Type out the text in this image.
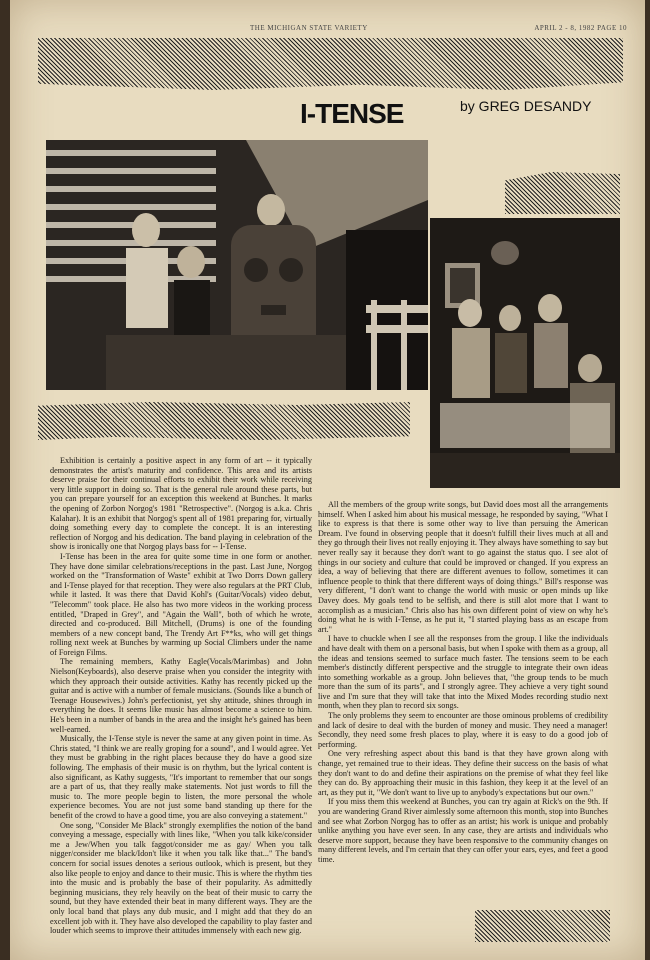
THE MICHIGAN STATE VARIETY	APRIL 2 - 8, 1982 PAGE 10
I-TENSE	by GREG DESANDY

Exhibition is certainly a positive aspect in any form of art -- it typically demonstrates the artist's maturity and confidence. This area and its artists deserve praise for their continual efforts to exhibit their work while receiving very little support in doing so. That is the general rule around these parts, but you can prepare yourself for an exception this weekend at Bunches. It marks the opening of Zorbon Norgog's 1981 "Retrospective". (Norgog is a.k.a. Chris Kalahar). It is an exhibit that Norgog's spent all of 1981 preparing for, virtually doing something every day to complete the concept. It is an interesting reflection of Norgog and his dedication. The band playing in celebration of the show is ironically one that Norgog plays bass for -- I-Tense.

I-Tense has been in the area for quite some time in one form or another. They have done similar celebrations/receptions in the past. Last June, Norgog worked on the "Transformation of Waste" exhibit at Two Dorrs Down gallery and I-Tense played for that reception. They were also regulars at the PRT Club, while it lasted. It was there that David Kohl's (Guitar/Vocals) video debut, "Telecomm" took place. He also has two more videos in the working process entitled, "Draped in Grey", and "Again the Wall", both of which he wrote, directed and co-produced. Bill Mitchell, (Drums) is one of the founding members of a new concept band, The Trendy Art F**ks, who will get things rolling next week at Bunches by warming up Social Climbers under the name of Foreign Films.

The remaining members, Kathy Eagle(Vocals/Marimbas) and John Nielson(Keyboards), also deserve praise when you consider the integrity with which they approach their outside activities. Kathy has recently picked up the guitar and is active with a number of female musicians. (Sounds like a bunch of Teenage Housewives.) John's perfectionist, yet shy attitude, shines through in everything he does. It seems like music has almost become a science to him. He's been in a number of bands in the area and the insight he's gained has been well-earned.

Musically, the I-Tense style is never the same at any given point in time. As Chris stated, "I think we are really groping for a sound", and I would agree. Yet they must be grabbing in the right places because they do have a good size following. The emphasis of their music is on rhythm, but the lyrical content is also significant, as Kathy suggests, "It's important to remember that our songs are a part of us, that they really make statements. Not just words to fill the music to. The more people begin to listen, the more personal the whole experience becomes. You are not just some band standing up there for the benefit of the crowd to have a good time, you are also conveying a statement."

One song, "Consider Me Black" strongly exemplifies the notion of the band conveying a message, especially with lines like, "When you talk kike/consider me a Jew/When you talk faggot/consider me as gay/ When you talk nigger/consider me black/Idon't like it when you talk like that..." The band's concern for social issues denotes a serious outlook, which is present, but they also like people to enjoy and dance to their music. This is where the rhythm ties into the music and is probably the base of their popularity. As admittedly beginning musicians, they rely heavily on the beat of their music to carry the sound, but they have extended their beat in many different ways. They are the only local band that plays any dub music, and I might add that they do an excellent job with it. They have also developed the capability to play faster and louder which seems to improve their attitudes immensely with each new gig.

All the members of the group write songs, but David does most all the arrangements himself. When I asked him about his musical message, he responded by saying, "What I like to express is that there is some other way to live than persuing the American Dream. I've found in observing people that it doesn't fulfill their lives much at all and they go through their lives not really enjoying it. They always have something to say but never really say it because they don't want to go against the status quo. I see alot of things in our society and culture that could be improved or changed. If you express an idea, a way of believing that there are different avenues to follow, sometimes it can influence people to think that there different ways of doing things." Bill's response was very different, "I don't want to change the world with music or open minds up like Davey does. My goals tend to be selfish, and there is still alot more that I want to accomplish as a musician." Chris also has his own different point of view on why he's doing what he is with I-Tense, as he put it, "I started playing bass as an escape from art."

I have to chuckle when I see all the responses from the group. I like the individuals and have dealt with them on a personal basis, but when I spoke with them as a group, all the ideas and tensions seemed to surface much faster. The tensions seem to be each member's distinctly different perspective and the struggle to integrate their own ideas into something workable as a group. John believes that, "the group tends to be much more than the sum of its parts", and I strongly agree. They achieve a very tight sound live and I'm sure that they will take that into the Mixed Modes recording studio next month, when they plan to record six songs.

The only problems they seem to encounter are those ominous problems of credibility and lack of desire to deal with the burden of money and music. They need a manager! Secondly, they need some fresh places to play, where it is easy to do a good job of performing.

One very refreshing aspect about this band is that they have grown along with change, yet remained true to their ideas. They define their success on the basis of what they don't want to do and define their aspirations on the premise of what they feel like they can do. By approaching their music in this fashion, they keep it at the level of an art, as they put it, "We don't want to live up to anybody's expectations but our own."

If you miss them this weekend at Bunches, you can try again at Rick's on the 9th. If you are wandering Grand River aimlessly some afternoon this month, stop into Bunches and see what Zorbon Norgog has to offer as an artist; his work is unique and probably unlike anything you have ever seen. In any case, they are artists and individuals who deserve more support, because they have been responsive to the community changes on many different levels, and I'm certain that they can offer your ears, eyes, and feet a good time.
